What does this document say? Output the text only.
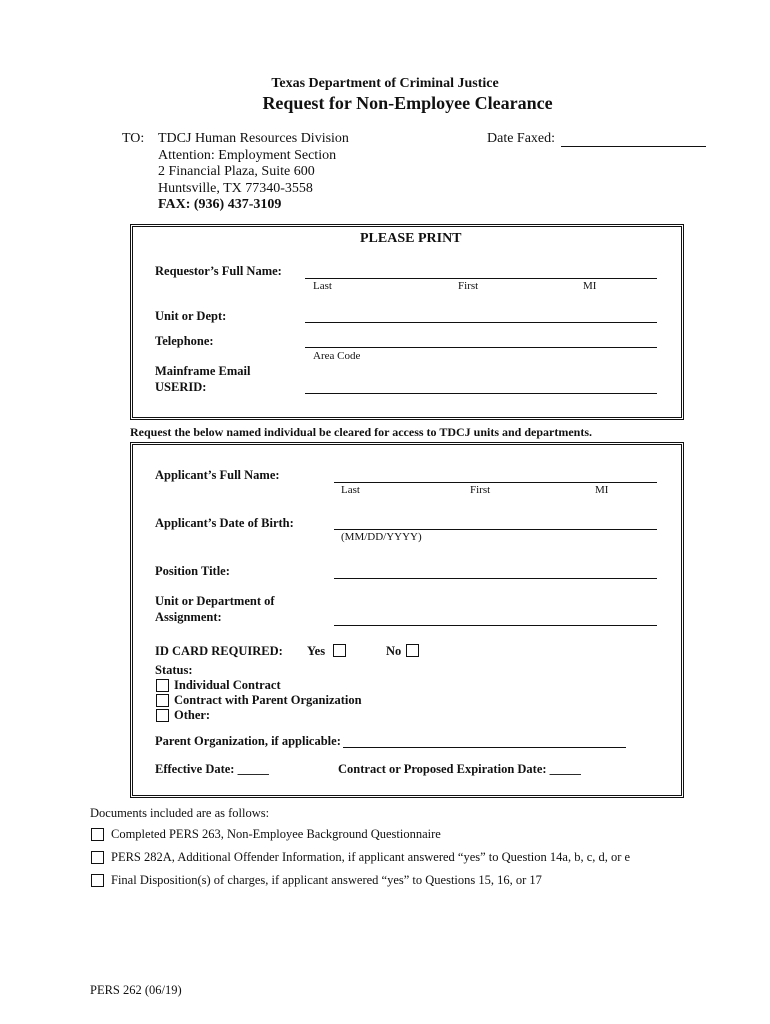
Texas Department of Criminal Justice
Request for Non-Employee Clearance
TO: TDCJ Human Resources Division
Attention: Employment Section
2 Financial Plaza, Suite 600
Huntsville, TX 77340-3558
FAX: (936) 437-3109
Date Faxed:
PLEASE PRINT
Requestor’s Full Name:
Last	First	MI
Unit or Dept:
Telephone:
Area Code
Mainframe Email
USERID:
Request the below named individual be cleared for access to TDCJ units and departments.
Applicant’s Full Name:
Last	First	MI
Applicant’s Date of Birth:
(MM/DD/YYYY)
Position Title:
Unit or Department of
Assignment:
ID CARD REQUIRED: Yes	No
Status:
Individual Contract
Contract with Parent Organization
Other:
Parent Organization, if applicable:
Effective Date: _____	Contract or Proposed Expiration Date: _____
Documents included are as follows:
Completed PERS 263, Non-Employee Background Questionnaire
PERS 282A, Additional Offender Information, if applicant answered “yes” to Question 14a, b, c, d, or e
Final Disposition(s) of charges, if applicant answered “yes” to Questions 15, 16, or 17
PERS 262 (06/19)
